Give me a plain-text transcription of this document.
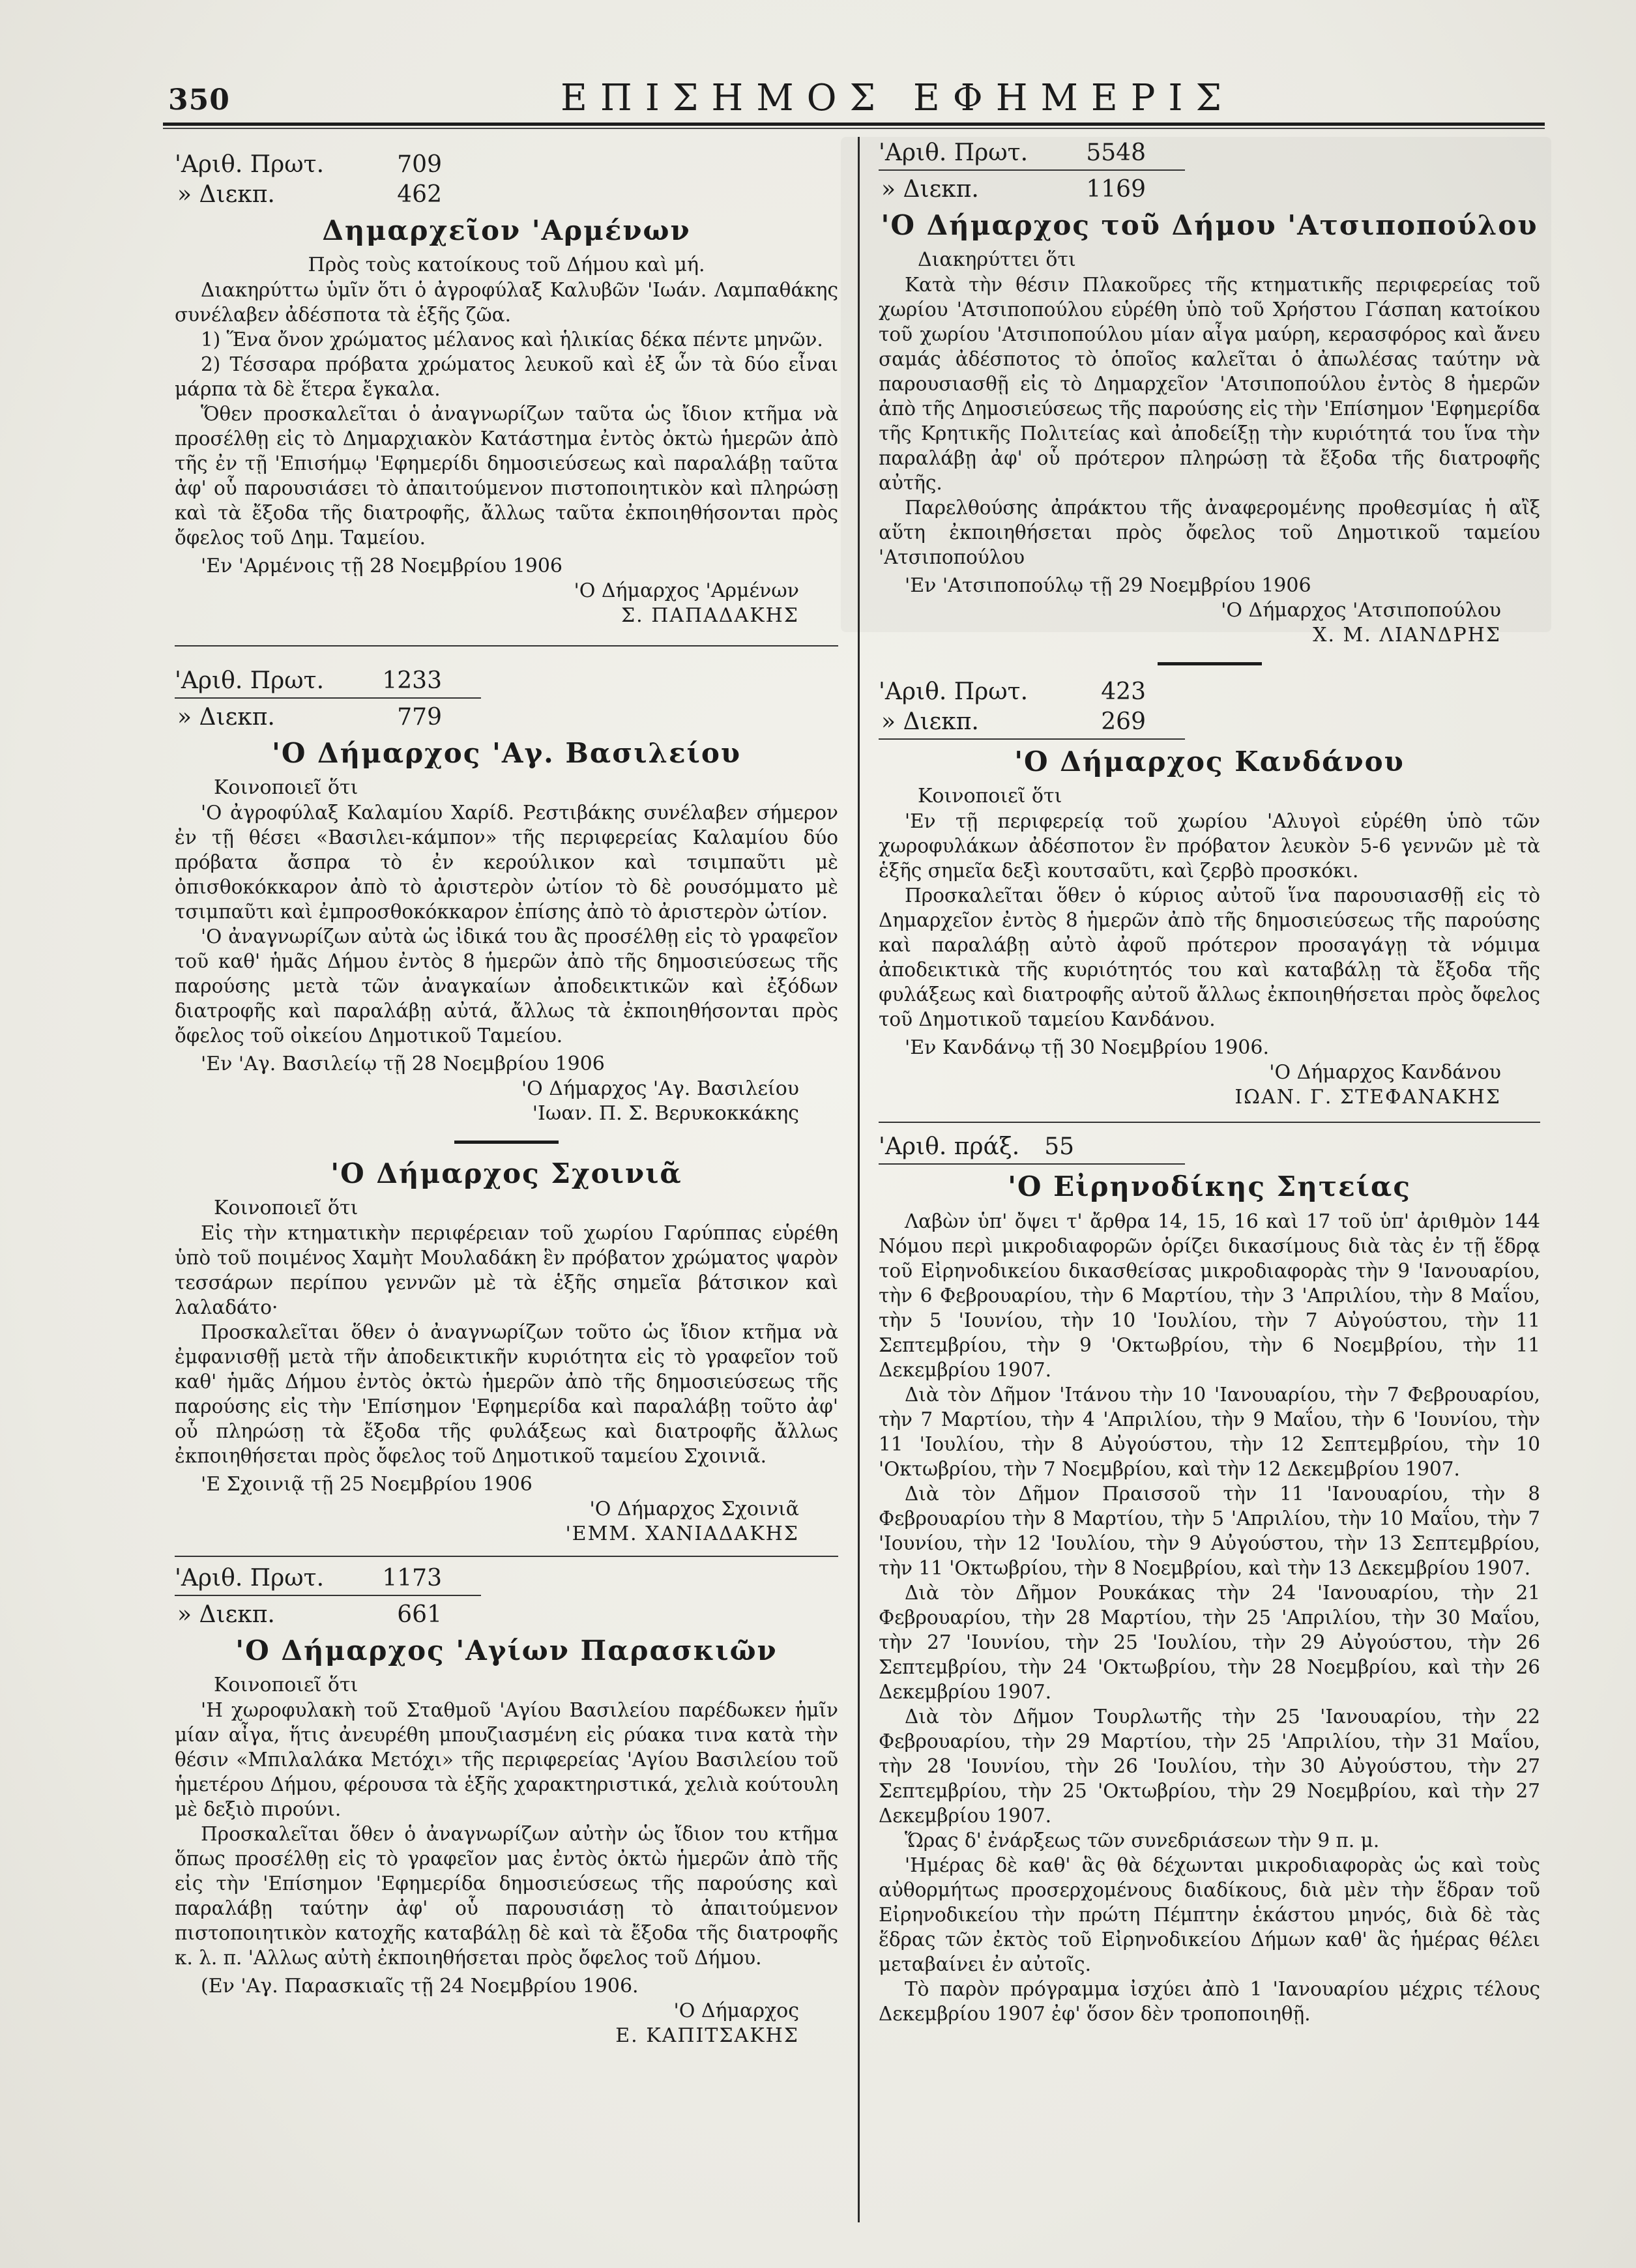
350	ΕΠΙΣΗΜΟΣ ΕΦΗΜΕΡΙΣ
'Αριθ. Πρωτ.	709
» Διεκπ.	462
Δημαρχεῖον 'Αρμένων
Πρὸς τοὺς κατοίκους τοῦ Δήμου καὶ μή.

Διακηρύττω ὑμῖν ὅτι ὁ ἀγροφύλαξ Καλυβῶν 'Ιωάν. Λαμπαθάκης συνέλαβεν ἀδέσποτα τὰ ἑξῆς ζῶα.

1) Ἕνα ὄνον χρώματος μέλανος καὶ ἡλικίας δέκα πέντε μηνῶν.

2) Τέσσαρα πρόβατα χρώματος λευκοῦ καὶ ἐξ ὧν τὰ δύο εἶναι μάρπα τὰ δὲ ἕτερα ἔγκαλα.

Ὅθεν προσκαλεῖται ὁ ἀναγνωρίζων ταῦτα ὡς ἴδιον κτῆμα νὰ προσέλθῃ εἰς τὸ Δημαρχιακὸν Κατάστημα ἐντὸς ὀκτὼ ἡμερῶν ἀπὸ τῆς ἐν τῇ 'Επισήμῳ 'Εφημερίδι δημοσιεύσεως καὶ παραλάβῃ ταῦτα ἀφ' οὗ παρουσιάσει τὸ ἀπαιτούμενον πιστοποιητικὸν καὶ πληρώσῃ καὶ τὰ ἔξοδα τῆς διατροφῆς, ἄλλως ταῦτα ἐκποιηθήσονται πρὸς ὄφελος τοῦ Δημ. Ταμείου.

'Εν 'Αρμένοις τῇ 28 Νοεμβρίου 1906
'Ο Δήμαρχος 'Αρμένων
Σ. ΠΑΠΑΔΑΚΗΣ
'Αριθ. Πρωτ. 1233
» Διεκπ.	779
'Ο Δήμαρχος 'Αγ. Βασιλείου
Κοινοποιεῖ ὅτι

'Ο ἀγροφύλαξ Καλαμίου Χαρίδ. Ρεστιβάκης συνέλαβεν σήμερον ἐν τῇ θέσει «Βασιλει-κάμπον» τῆς περιφερείας Καλαμίου δύο πρόβατα ἄσπρα τὸ ἐν κερούλικον καὶ τσιμπαῦτι μὲ ὀπισθοκόκκαρον ἀπὸ τὸ ἀριστερὸν ὠτίον τὸ δὲ ρουσόμματο μὲ τσιμπαῦτι καὶ ἐμπροσθοκόκκαρον ἐπίσης ἀπὸ τὸ ἀριστερὸν ὠτίον.

'Ο ἀναγνωρίζων αὐτὰ ὡς ἰδικά του ἂς προσέλθῃ εἰς τὸ γραφεῖον τοῦ καθ' ἡμᾶς Δήμου ἐντὸς 8 ἡμερῶν ἀπὸ τῆς δημοσιεύσεως τῆς παρούσης μετὰ τῶν ἀναγκαίων ἀποδεικτικῶν καὶ ἐξόδων διατροφῆς καὶ παραλάβῃ αὐτά, ἄλλως τὰ ἐκποιηθήσονται πρὸς ὄφελος τοῦ οἰκείου Δημοτικοῦ Ταμείου.

'Εν 'Αγ. Βασιλείῳ τῇ 28 Νοεμβρίου 1906
'Ο Δήμαρχος 'Αγ. Βασιλείου
'Ιωαν. Π. Σ. Βερυκοκκάκης
'Ο Δήμαρχος Σχοινιᾶ
Κοινοποιεῖ ὅτι

Εἰς τὴν κτηματικὴν περιφέρειαν τοῦ χωρίου Γαρύππας εὑρέθη ὑπὸ τοῦ ποιμένος Χαμὴτ Μουλαδάκη ἓν πρόβατον χρώματος ψαρὸν τεσσάρων περίπου γεννῶν μὲ τὰ ἑξῆς σημεῖα βάτσικον καὶ λαλαδάτο·

Προσκαλεῖται ὅθεν ὁ ἀναγνωρίζων τοῦτο ὡς ἴδιον κτῆμα νὰ ἐμφανισθῇ μετὰ τῆν ἀποδεικτικῆν κυριότητα εἰς τὸ γραφεῖον τοῦ καθ' ἡμᾶς Δήμου ἐντὸς ὀκτὼ ἡμερῶν ἀπὸ τῆς δημοσιεύσεως τῆς παρούσης εἰς τὴν 'Επίσημον 'Εφημερίδα καὶ παραλάβῃ τοῦτο ἀφ' οὗ πληρώσῃ τὰ ἔξοδα τῆς φυλάξεως καὶ διατροφῆς ἄλλως ἐκποιηθήσεται πρὸς ὄφελος τοῦ Δημοτικοῦ ταμείου Σχοινιᾶ.

'Ε Σχοινιᾷ τῇ 25 Νοεμβρίου 1906
'Ο Δήμαρχος Σχοινιᾶ
'ΕΜΜ. ΧΑΝΙΑΔΑΚΗΣ
'Αριθ. Πρωτ. 1173
» Διεκπ.	661
'Ο Δήμαρχος 'Αγίων Παρασκιῶν
Κοινοποιεῖ ὅτι

'Η χωροφυλακὴ τοῦ Σταθμοῦ 'Αγίου Βασιλείου παρέδωκεν ἡμῖν μίαν αἶγα, ἥτις ἀνευρέθη μπουζιασμένη εἰς ρύακα τινα κατὰ τὴν θέσιν «Μπιλαλάκα Μετόχι» τῆς περιφερείας 'Αγίου Βασιλείου τοῦ ἡμετέρου Δήμου, φέρουσα τὰ ἑξῆς χαρακτηριστικά, χελιὰ κούτουλη μὲ δεξιὸ πιρούνι.

Προσκαλεῖται ὅθεν ὁ ἀναγνωρίζων αὐτὴν ὡς ἴδιον του κτῆμα ὅπως προσέλθῃ εἰς τὸ γραφεῖον μας ἐντὸς ὀκτὼ ἡμερῶν ἀπὸ τῆς εἰς τὴν 'Επίσημον 'Εφημερίδα δημοσιεύσεως τῆς παρούσης καὶ παραλάβῃ ταύτην ἀφ' οὗ παρουσιάσῃ τὸ ἀπαιτούμενον πιστοποιητικὸν κατοχῆς καταβάλῃ δὲ καὶ τὰ ἔξοδα τῆς διατροφῆς κ. λ. π. 'Αλλως αὐτὴ ἐκποιηθήσεται πρὸς ὄφελος τοῦ Δήμου.

(Εν 'Αγ. Παρασκιαῖς τῇ 24 Νοεμβρίου 1906.
'Ο Δήμαρχος
Ε. ΚΑΠΙΤΣΑΚΗΣ
'Αριθ. Πρωτ. 5548
» Διεκπ.	1169
'Ο Δήμαρχος τοῦ Δήμου 'Ατσιποπούλου
Διακηρύττει ὅτι

Κατὰ τὴν θέσιν Πλακοῦρες τῆς κτηματικῆς περιφερείας τοῦ χωρίου 'Ατσιποπούλου εὑρέθη ὑπὸ τοῦ Χρήστου Γάσπαη κατοίκου τοῦ χωρίου 'Ατσιποπούλου μίαν αἶγα μαύρη, κερασφόρος καὶ ἄνευ σαμάς ἀδέσποτος τὸ ὁποῖος καλεῖται ὁ ἀπωλέσας ταύτην νὰ παρουσιασθῇ εἰς τὸ Δημαρχεῖον 'Ατσιποπούλου ἐντὸς 8 ἡμερῶν ἀπὸ τῆς Δημοσιεύσεως τῆς παρούσης εἰς τὴν 'Επίσημον 'Εφημερίδα τῆς Κρητικῆς Πολιτείας καὶ ἀποδείξῃ τὴν κυριότητά του ἵνα τὴν παραλάβῃ ἀφ' οὗ πρότερον πληρώσῃ τὰ ἔξοδα τῆς διατροφῆς αὐτῆς.

Παρελθούσης ἀπράκτου τῆς ἀναφερομένης προθεσμίας ἡ αἲξ αὕτη ἐκποιηθήσεται πρὸς ὄφελος τοῦ Δημοτικοῦ ταμείου 'Ατσιποπούλου

'Εν 'Ατσιποπούλῳ τῇ 29 Νοεμβρίου 1906
'Ο Δήμαρχος 'Ατσιποπούλου
Χ. Μ. ΛΙΑΝΔΡΗΣ
'Αριθ. Πρωτ.	423
» Διεκπ.	269
'Ο Δήμαρχος Κανδάνου
Κοινοποιεῖ ὅτι

'Εν τῇ περιφερείᾳ τοῦ χωρίου 'Αλυγοὶ εὑρέθη ὑπὸ τῶν χωροφυλάκων ἀδέσποτον ἓν πρόβατον λευκὸν 5-6 γεννῶν μὲ τὰ ἑξῆς σημεῖα δεξὶ κουτσαῦτι, καὶ ζερβὸ προσκόκι.

Προσκαλεῖται ὅθεν ὁ κύριος αὐτοῦ ἵνα παρουσιασθῇ εἰς τὸ Δημαρχεῖον ἐντὸς 8 ἡμερῶν ἀπὸ τῆς δημοσιεύσεως τῆς παρούσης καὶ παραλάβῃ αὐτὸ ἀφοῦ πρότερον προσαγάγῃ τὰ νόμιμα ἀποδεικτικὰ τῆς κυριότητός του καὶ καταβάλῃ τὰ ἔξοδα τῆς φυλάξεως καὶ διατροφῆς αὐτοῦ ἄλλως ἐκποιηθήσεται πρὸς ὄφελος τοῦ Δημοτικοῦ ταμείου Κανδάνου.

'Εν Κανδάνῳ τῇ 30 Νοεμβρίου 1906.
'Ο Δήμαρχος Κανδάνου
ΙΩΑΝ. Γ. ΣΤΕΦΑΝΑΚΗΣ
'Αριθ. πράξ. 55
'Ο Εἰρηνοδίκης Σητείας

Λαβὼν ὑπ' ὄψει τ' ἄρθρα 14, 15, 16 καὶ 17 τοῦ ὑπ' ἀριθμὸν 144 Νόμου περὶ μικροδιαφορῶν ὁρίζει δικασίμους διὰ τὰς ἐν τῇ ἕδρᾳ τοῦ Εἰρηνοδικείου δικασθείσας μικροδιαφορὰς τὴν 9 'Ιανουαρίου, τὴν 6 Φεβρουαρίου, τὴν 6 Μαρτίου, τὴν 3 'Απριλίου, τὴν 8 Μαΐου, τὴν 5 'Ιουνίου, τὴν 10 'Ιουλίου, τὴν 7 Αὐγούστου, τὴν 11 Σεπτεμβρίου, τὴν 9 'Οκτωβρίου, τὴν 6 Νοεμβρίου, τὴν 11 Δεκεμβρίου 1907.

Διὰ τὸν Δῆμον 'Ιτάνου τὴν 10 'Ιανουαρίου, τὴν 7 Φεβρουαρίου, τὴν 7 Μαρτίου, τὴν 4 'Απριλίου, τὴν 9 Μαΐου, τὴν 6 'Ιουνίου, τὴν 11 'Ιουλίου, τὴν 8 Αὐγούστου, τὴν 12 Σεπτεμβρίου, τὴν 10 'Οκτωβρίου, τὴν 7 Νοεμβρίου, καὶ τὴν 12 Δεκεμβρίου 1907.

Διὰ τὸν Δῆμον Πραισσοῦ τὴν 11 'Ιανουαρίου, τὴν 8 Φεβρουαρίου τὴν 8 Μαρτίου, τὴν 5 'Απριλίου, τὴν 10 Μαΐου, τὴν 7 'Ιουνίου, τὴν 12 'Ιουλίου, τὴν 9 Αὐγούστου, τὴν 13 Σεπτεμβρίου, τὴν 11 'Οκτωβρίου, τὴν 8 Νοεμβρίου, καὶ τὴν 13 Δεκεμβρίου 1907.

Διὰ τὸν Δῆμον Ρουκάκας τὴν 24 'Ιανουαρίου, τὴν 21 Φεβρουαρίου, τὴν 28 Μαρτίου, τὴν 25 'Απριλίου, τὴν 30 Μαΐου, τὴν 27 'Ιουνίου, τὴν 25 'Ιουλίου, τὴν 29 Αὐγούστου, τὴν 26 Σεπτεμβρίου, τὴν 24 'Οκτωβρίου, τὴν 28 Νοεμβρίου, καὶ τὴν 26 Δεκεμβρίου 1907.

Διὰ τὸν Δῆμον Τουρλωτῆς τὴν 25 'Ιανουαρίου, τὴν 22 Φεβρουαρίου, τὴν 29 Μαρτίου, τὴν 25 'Απριλίου, τὴν 31 Μαΐου, τὴν 28 'Ιουνίου, τὴν 26 'Ιουλίου, τὴν 30 Αὐγούστου, τὴν 27 Σεπτεμβρίου, τὴν 25 'Οκτωβρίου, τὴν 29 Νοεμβρίου, καὶ τὴν 27 Δεκεμβρίου 1907.

Ὥρας δ' ἐνάρξεως τῶν συνεδριάσεων τὴν 9 π. μ.

'Ημέρας δὲ καθ' ἃς θὰ δέχωνται μικροδιαφορὰς ὡς καὶ τοὺς αὐθορμήτως προσερχομένους διαδίκους, διὰ μὲν τὴν ἕδραν τοῦ Εἰρηνοδικείου τὴν πρώτη Πέμπτην ἑκάστου μηνός, διὰ δὲ τὰς ἕδρας τῶν ἐκτὸς τοῦ Εἰρηνοδικείου Δήμων καθ' ἃς ἡμέρας θέλει μεταβαίνει ἐν αὐτοῖς.

Τὸ παρὸν πρόγραμμα ἰσχύει ἀπὸ 1 'Ιανουαρίου μέχρις τέλους Δεκεμβρίου 1907 ἐφ' ὅσον δὲν τροποποιηθῇ.
